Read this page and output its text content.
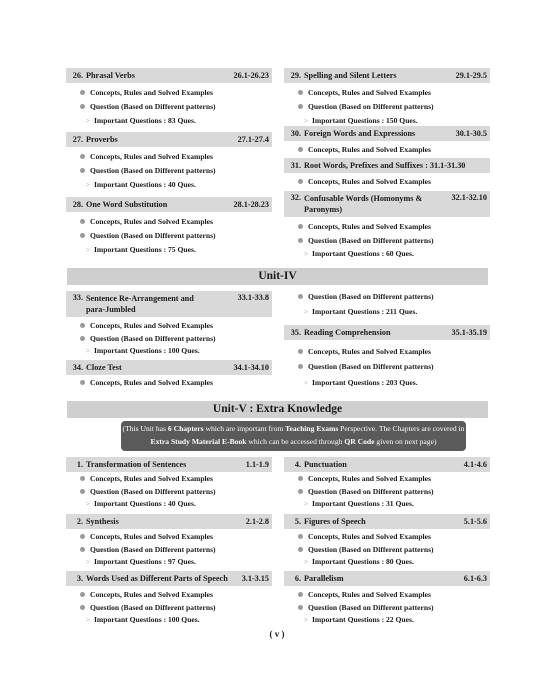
26. Phrasal Verbs	26.1-26.23
Concepts, Rules and Solved Examples
Question (Based on Different patterns)
> Important Questions : 83 Ques.
27. Proverbs	27.1-27.4
Concepts, Rules and Solved Examples
Question (Based on Different patterns)
> Important Questions : 40 Ques.
28. One Word Substitution	28.1-28.23
Concepts, Rules and Solved Examples
Question (Based on Different patterns)
> Important Questions : 75 Ques.
29. Spelling and Silent Letters	29.1-29.5
Concepts, Rules and Solved Examples
Question (Based on Different patterns)
> Important Questions : 150 Ques.
30. Foreign Words and Expressions	30.1-30.5
Concepts, Rules and Solved Examples
31. Root Words, Prefixes and Suffixes : 31.1-31.30
Concepts, Rules and Solved Examples
32. Confusable Words (Homonyms &
Paronyms)
32.1-32.10
Concepts, Rules and Solved Examples
Question (Based on Different patterns)
> Important Questions : 60 Ques.
Unit-IV
33. Sentence Re-Arrangement and
para-Jumbled
33.1-33.8
Concepts, Rules and Solved Examples
Question (Based on Different patterns)
> Important Questions : 100 Ques.
34. Cloze Test	34.1-34.10
Concepts, Rules and Solved Examples
Question (Based on Different patterns)
> Important Questions : 211 Ques.
35. Reading Comprehension	35.1-35.19
Concepts, Rules and Solved Examples
Question (Based on Different patterns)
> Important Questions : 203 Ques.
Unit-V : Extra Knowledge
(This Unit has 6 Chapters which are important from Teaching Exams Perspective. The Chapters are covered in Extra Study Material E-Book which can be accessed through QR Code given on next page)
1. Transformation of Sentences	1.1-1.9
Concepts, Rules and Solved Examples
Question (Based on Different patterns)
> Important Questions : 40 Ques.
2. Synthesis	2.1-2.8
Concepts, Rules and Solved Examples
Question (Based on Different patterns)
> Important Questions : 97 Ques.
3. Words Used as Different Parts of Speech	3.1-3.15
Concepts, Rules and Solved Examples
Question (Based on Different patterns)
> Important Questions : 100 Ques.
4. Punctuation	4.1-4.6
Concepts, Rules and Solved Examples
Question (Based on Different patterns)
> Important Questions : 31 Ques.
5. Figures of Speech	5.1-5.6
Concepts, Rules and Solved Examples
Question (Based on Different patterns)
> Important Questions : 80 Ques.
6. Parallelism	6.1-6.3
Concepts, Rules and Solved Examples
Question (Based on Different patterns)
> Important Questions : 22 Ques.
( v )
